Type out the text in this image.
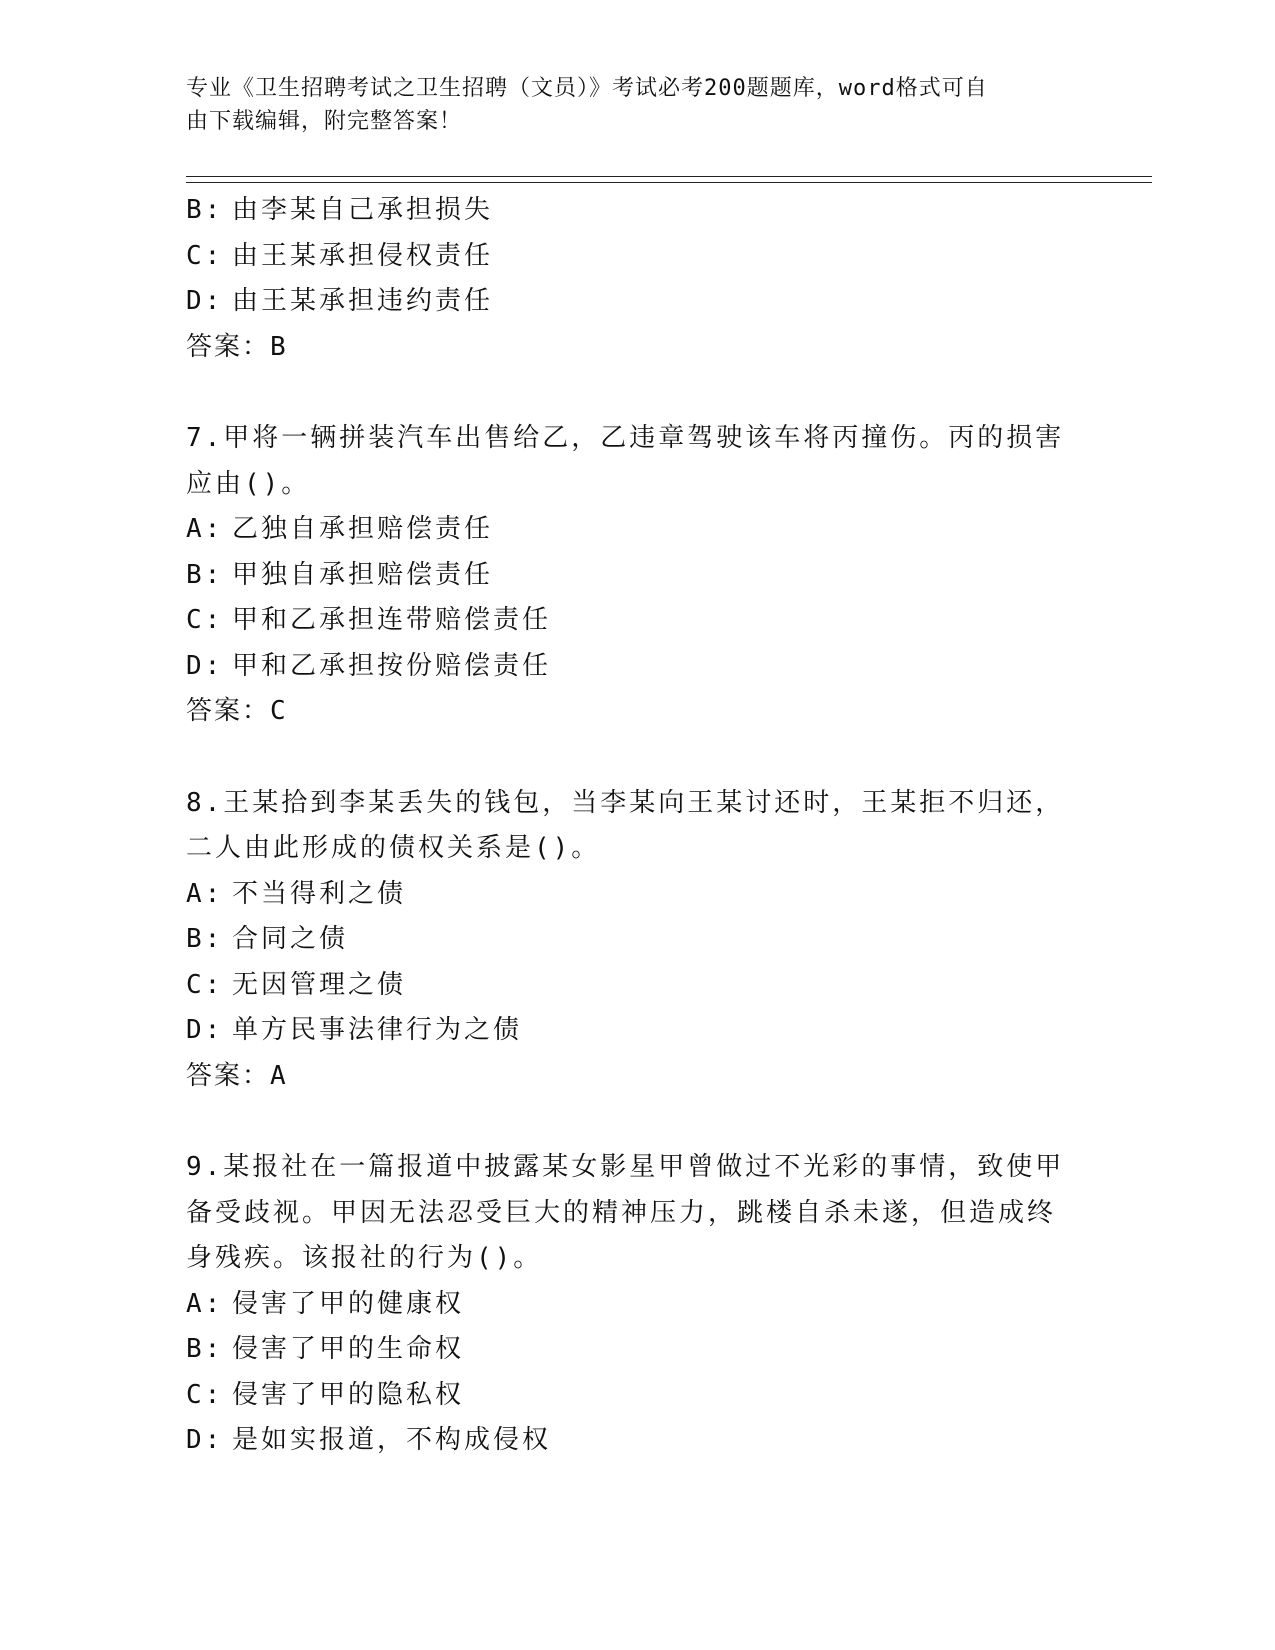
专业《卫生招聘考试之卫生招聘（文员）》考试必考200题题库，word格式可自
由下载编辑，附完整答案！
B: 由李某自己承担损失
C: 由王某承担侵权责任
D: 由王某承担违约责任
答案：B
7.甲将一辆拼装汽车出售给乙，乙违章驾驶该车将丙撞伤。丙的损害
应由()。
A: 乙独自承担赔偿责任
B: 甲独自承担赔偿责任
C: 甲和乙承担连带赔偿责任
D: 甲和乙承担按份赔偿责任
答案：C
8.王某拾到李某丢失的钱包，当李某向王某讨还时，王某拒不归还，
二人由此形成的债权关系是()。
A: 不当得利之债
B: 合同之债
C: 无因管理之债
D: 单方民事法律行为之债
答案：A
9.某报社在一篇报道中披露某女影星甲曾做过不光彩的事情，致使甲
备受歧视。甲因无法忍受巨大的精神压力，跳楼自杀未遂，但造成终
身残疾。该报社的行为()。
A: 侵害了甲的健康权
B: 侵害了甲的生命权
C: 侵害了甲的隐私权
D: 是如实报道，不构成侵权
